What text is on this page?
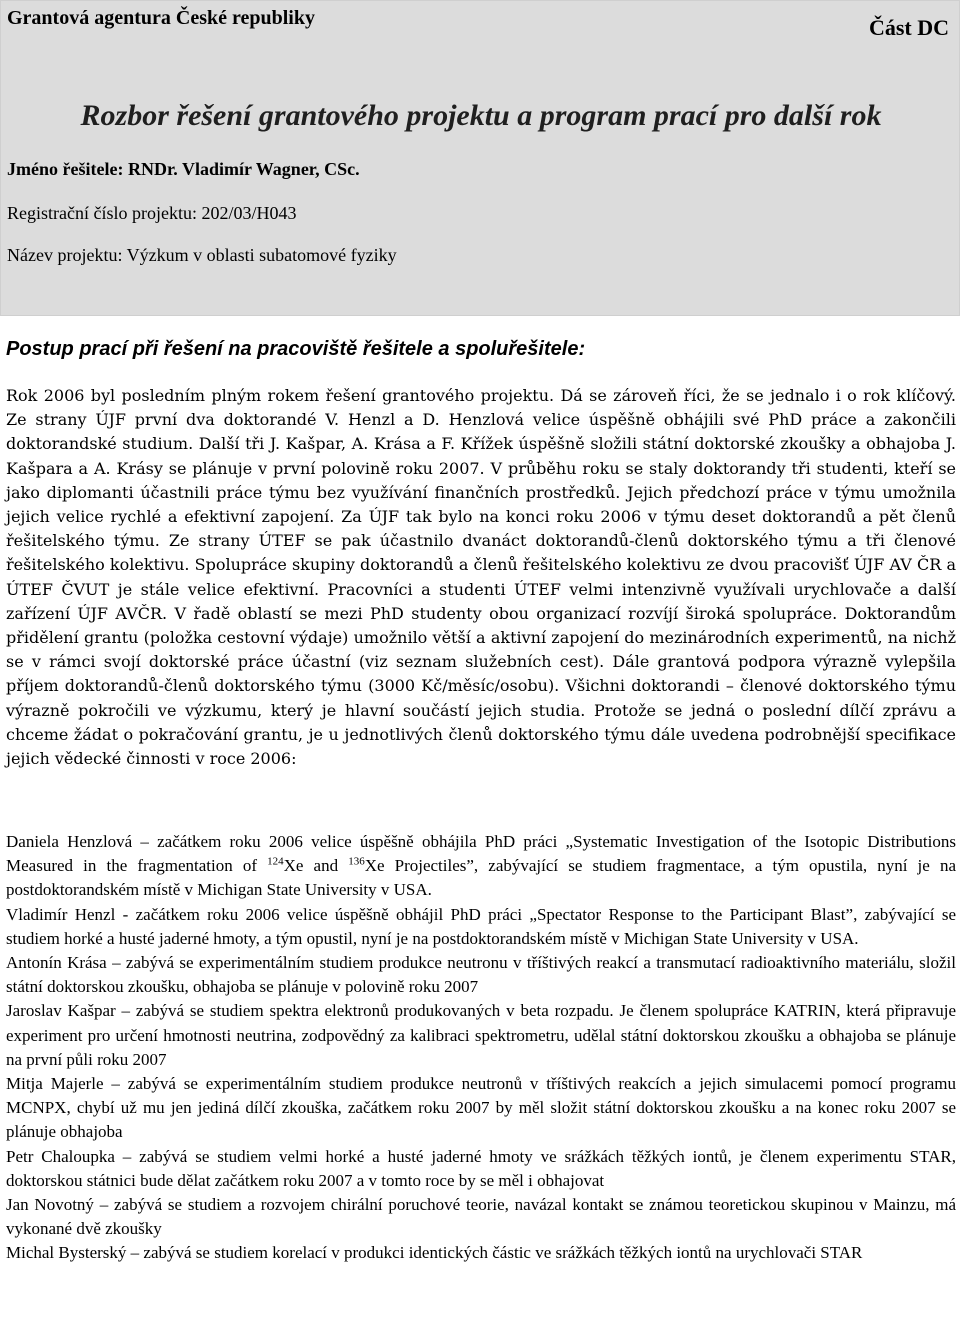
Grantová agentura České republiky	Část DC
Rozbor řešení grantového projektu a program prací pro další rok
Jméno řešitele: RNDr. Vladimír Wagner, CSc.
Registrační číslo projektu: 202/03/H043
Název projektu: Výzkum v oblasti subatomové fyziky
Postup prací při řešení na pracoviště řešitele a spoluřešitele:

Rok 2006 byl posledním plným rokem řešení grantového projektu. Dá se zároveň říci, že se jednalo i o rok klíčový. Ze strany ÚJF první dva doktorandé V. Henzl a D. Henzlová velice úspěšně obhájili své PhD práce a zakončili doktorandské studium. Další tři J. Kašpar, A. Krása a F. Křížek úspěšně složili státní doktorské zkoušky a obhajoba J. Kašpara a A. Krásy se plánuje v první polovině roku 2007. V průběhu roku se staly doktorandy tři studenti, kteří se jako diplomanti účastnili práce týmu bez využívání finančních prostředků. Jejich předchozí práce v týmu umožnila jejich velice rychlé a efektivní zapojení. Za ÚJF tak bylo na konci roku 2006 v týmu deset doktorandů a pět členů řešitelského týmu. Ze strany ÚTEF se pak účastnilo dvanáct doktorandů-členů doktorského týmu a tři členové řešitelského kolektivu. Spolupráce skupiny doktorandů a členů řešitelského kolektivu ze dvou pracovišť ÚJF AV ČR a ÚTEF ČVUT je stále velice efektivní. Pracovníci a studenti ÚTEF velmi intenzivně využívali urychlovače a další zařízení ÚJF AVČR. V řadě oblastí se mezi PhD studenty obou organizací rozvíjí široká spolupráce. Doktorandům přidělení grantu (položka cestovní výdaje) umožnilo větší a aktivní zapojení do mezinárodních experimentů, na nichž se v rámci svojí doktorské práce účastní (viz seznam služebních cest). Dále grantová podpora výrazně vylepšila příjem doktorandů-členů doktorského týmu (3000 Kč/měsíc/osobu). Všichni doktorandi – členové doktorského týmu výrazně pokročili ve výzkumu, který je hlavní součástí jejich studia. Protože se jedná o poslední dílčí zprávu a chceme žádat o pokračování grantu, je u jednotlivých členů doktorského týmu dále uvedena podrobnější specifikace jejich vědecké činnosti v roce 2006:

Daniela Henzlová – začátkem roku 2006 velice úspěšně obhájila PhD práci „Systematic Investigation of the Isotopic Distributions Measured in the fragmentation of $^{124}$Xe and $^{136}$Xe Projectiles”, zabývající se studiem fragmentace, a tým opustila, nyní je na postdoktorandském místě v Michigan State University v USA.

Vladimír Henzl - začátkem roku 2006 velice úspěšně obhájil PhD práci „Spectator Response to the Participant Blast”, zabývající se studiem horké a husté jaderné hmoty, a tým opustil, nyní je na postdoktorandském místě v Michigan State University v USA.

Antonín Krása – zabývá se experimentálním studiem produkce neutronu v tříštivých reakcí a transmutací radioaktivního materiálu, složil státní doktorskou zkoušku, obhajoba se plánuje v polovině roku 2007

Jaroslav Kašpar – zabývá se studiem spektra elektronů produkovaných v beta rozpadu. Je členem spolupráce KATRIN, která připravuje experiment pro určení hmotnosti neutrina, zodpovědný za kalibraci spektrometru, udělal státní doktorskou zkoušku a obhajoba se plánuje na první půli roku 2007

Mitja Majerle – zabývá se experimentálním studiem produkce neutronů v tříštivých reakcích a jejich simulacemi pomocí programu MCNPX, chybí už mu jen jediná dílčí zkouška, začátkem roku 2007 by měl složit státní doktorskou zkoušku a na konec roku 2007 se plánuje obhajoba

Petr Chaloupka – zabývá se studiem velmi horké a husté jaderné hmoty ve srážkách těžkých iontů, je členem experimentu STAR, doktorskou státnici bude dělat začátkem roku 2007 a v tomto roce by se měl i obhajovat

Jan Novotný – zabývá se studiem a rozvojem chirální poruchové teorie, navázal kontakt se známou teoretickou skupinou v Mainzu, má vykonané dvě zkoušky

Michal Bysterský – zabývá se studiem korelací v produkci identických částic ve srážkách těžkých iontů na urychlovači STAR
